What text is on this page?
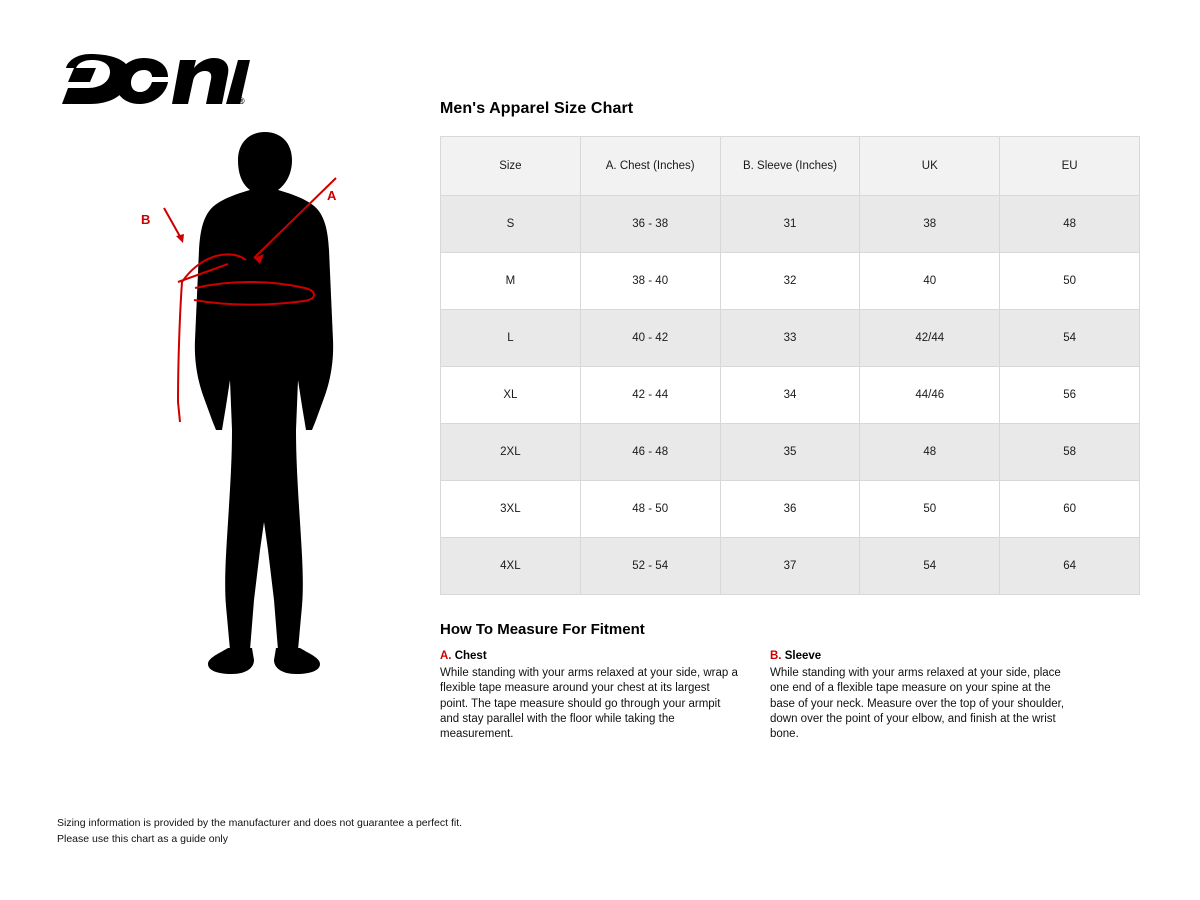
®
A
B
Men's Apparel Size Chart
Size	A. Chest (Inches)	B. Sleeve (Inches)	UK	EU
S	36 - 38	31	38	48
M	38 - 40	32	40	50
L	40 - 42	33	42/44	54
XL	42 - 44	34	44/46	56
2XL	46 - 48	35	48	58
3XL	48 - 50	36	50	60
4XL	52 - 54	37	54	64
How To Measure For Fitment
A. Chest
While standing with your arms relaxed at your side, wrap a flexible tape measure around your chest at its largest point. The tape measure should go through your armpit and stay parallel with the floor while taking the measurement.
B. Sleeve
While standing with your arms relaxed at your side, place one end of a flexible tape measure on your spine at the base of your neck. Measure over the top of your shoulder, down over the point of your elbow, and finish at the wrist bone.
Sizing information is provided by the manufacturer and does not guarantee a perfect fit.
Please use this chart as a guide only
